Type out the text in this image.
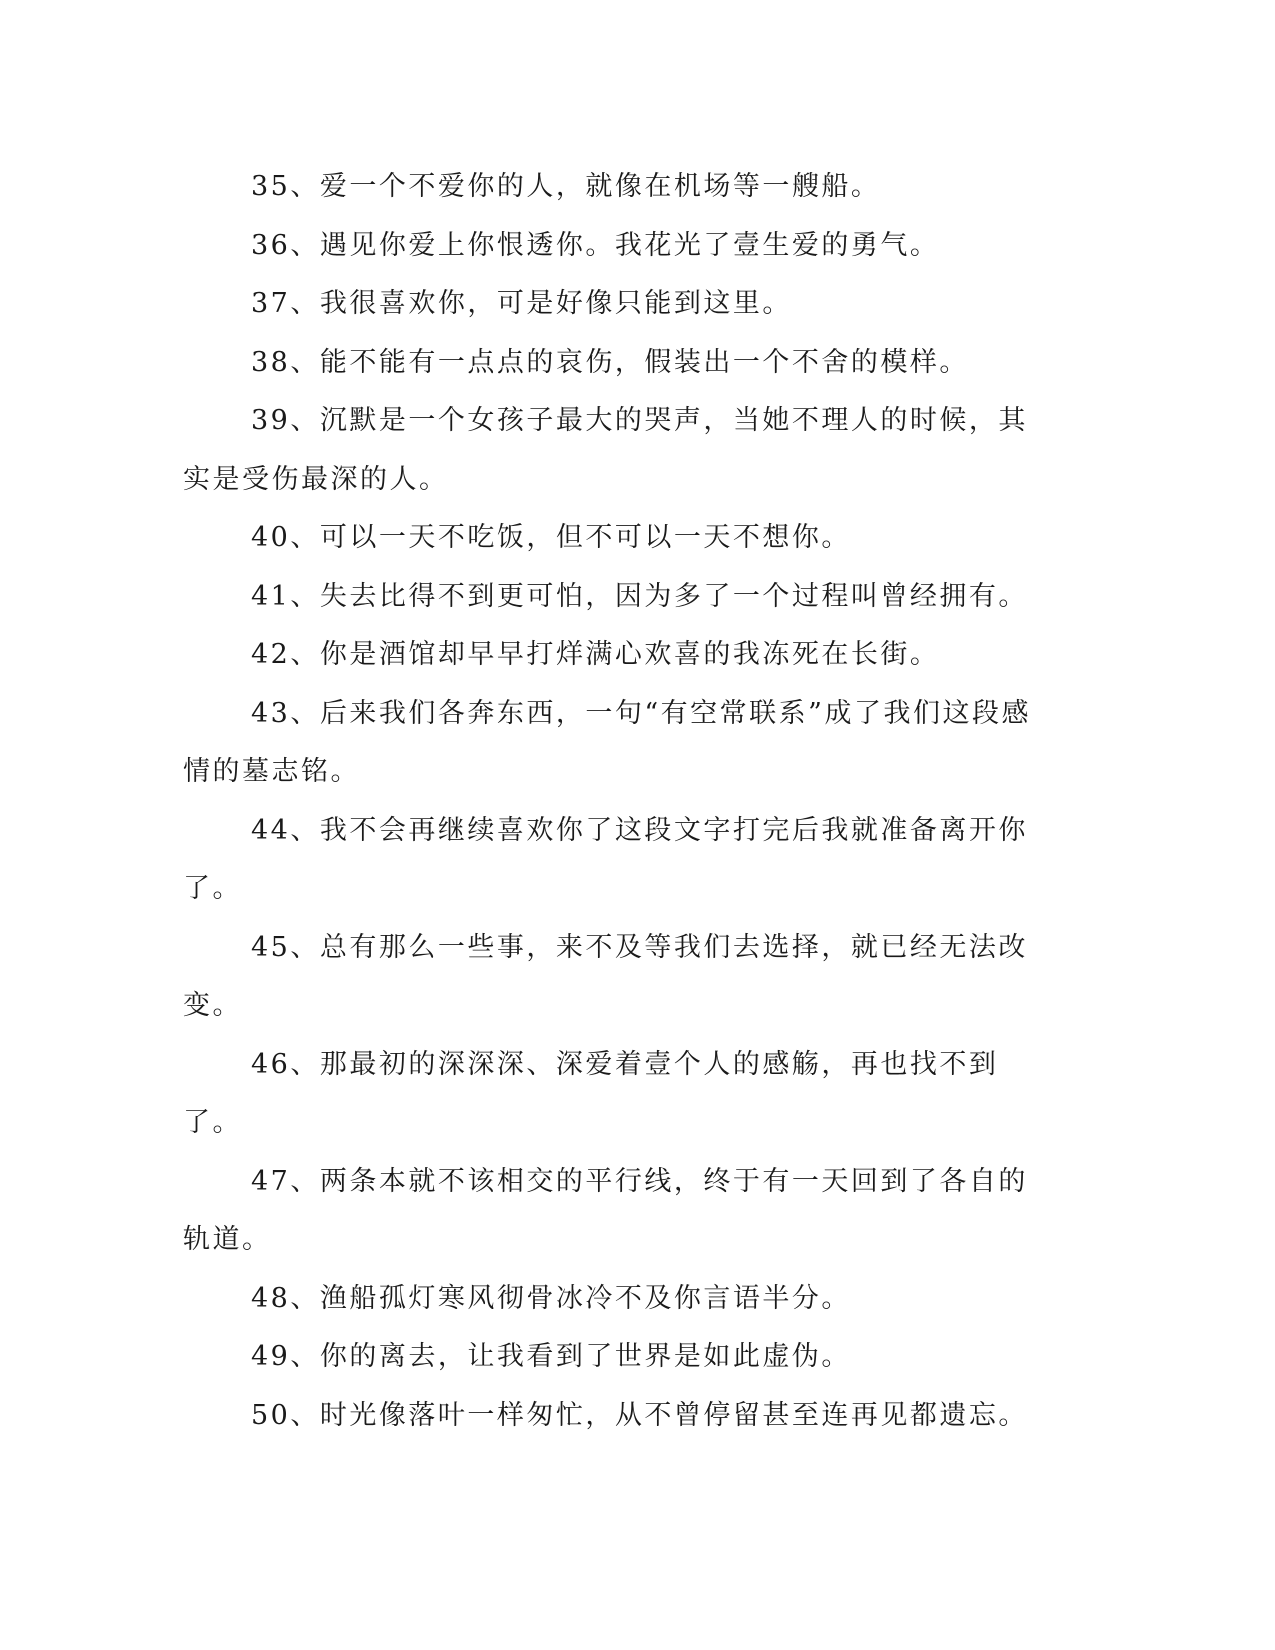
35、爱一个不爱你的人，就像在机场等一艘船。

36、遇见你爱上你恨透你。我花光了壹生爱的勇气。

37、我很喜欢你，可是好像只能到这里。

38、能不能有一点点的哀伤，假装出一个不舍的模样。

39、沉默是一个女孩子最大的哭声，当她不理人的时候，其实是受伤最深的人。

40、可以一天不吃饭，但不可以一天不想你。

41、失去比得不到更可怕，因为多了一个过程叫曾经拥有。

42、你是酒馆却早早打烊满心欢喜的我冻死在长街。

43、后来我们各奔东西，一句“有空常联系”成了我们这段感情的墓志铭。

44、我不会再继续喜欢你了这段文字打完后我就准备离开你了。

45、总有那么一些事，来不及等我们去选择，就已经无法改变。

46、那最初的深深深、深爱着壹个人的感觞，再也找不到了。

47、两条本就不该相交的平行线，终于有一天回到了各自的轨道。

48、渔船孤灯寒风彻骨冰冷不及你言语半分。

49、你的离去，让我看到了世界是如此虚伪。

50、时光像落叶一样匆忙，从不曾停留甚至连再见都遗忘。
